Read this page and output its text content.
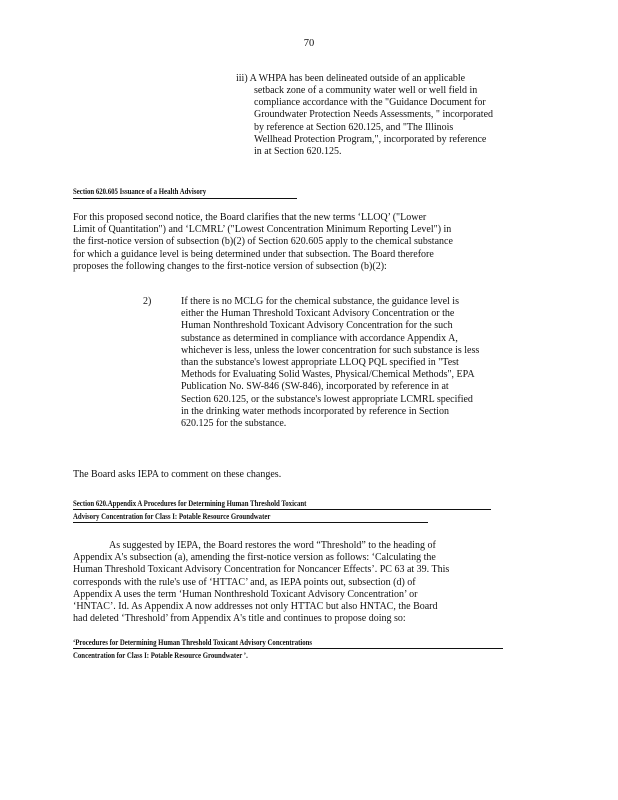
70
iii) A WHPA has been delineated outside of an applicable
setback zone of a community water well or well field in
compliance accordance with the "Guidance Document for
Groundwater Protection Needs Assessments, " incorporated
by reference at Section 620.125, and "The Illinois
Wellhead Protection Program,", incorporated by reference
in at Section 620.125.
Section 620.605 Issuance of a Health Advisory
For this proposed second notice, the Board clarifies that the new terms ‘LLOQ’ ("Lower
Limit of Quantitation") and ‘LCMRL’ ("Lowest Concentration Minimum Reporting Level") in
the first-notice version of subsection (b)(2) of Section 620.605 apply to the chemical substance
for which a guidance level is being determined under that subsection. The Board therefore
proposes the following changes to the first-notice version of subsection (b)(2):
2)	If there is no MCLG for the chemical substance, the guidance level is
either the Human Threshold Toxicant Advisory Concentration or the
Human Nonthreshold Toxicant Advisory Concentration for the such
substance as determined in compliance with accordance Appendix A,
whichever is less, unless the lower concentration for such substance is less
than the substance's lowest appropriate LLOQ PQL specified in "Test
Methods for Evaluating Solid Wastes, Physical/Chemical Methods", EPA
Publication No. SW-846 (SW-846), incorporated by reference in at
Section 620.125, or the substance's lowest appropriate LCMRL specified
in the drinking water methods incorporated by reference in Section
620.125 for the substance.
The Board asks IEPA to comment on these changes.
Section 620.Appendix A Procedures for Determining Human Threshold Toxicant
Advisory Concentration for Class I: Potable Resource Groundwater
As suggested by IEPA, the Board restores the word “Threshold” to the heading of
Appendix A's subsection (a), amending the first-notice version as follows: ‘Calculating the
Human Threshold Toxicant Advisory Concentration for Noncancer Effects’. PC 63 at 39. This
corresponds with the rule's use of ‘HTTAC’ and, as IEPA points out, subsection (d) of
Appendix A uses the term ‘Human Nonthreshold Toxicant Advisory Concentration’ or
‘HNTAC’. Id. As Appendix A now addresses not only HTTAC but also HNTAC, the Board
had deleted ‘Threshold’ from Appendix A's title and continues to propose doing so:
‘Procedures for Determining Human Threshold Toxicant Advisory Concentrations
Concentration for Class I: Potable Resource Groundwater ’.
